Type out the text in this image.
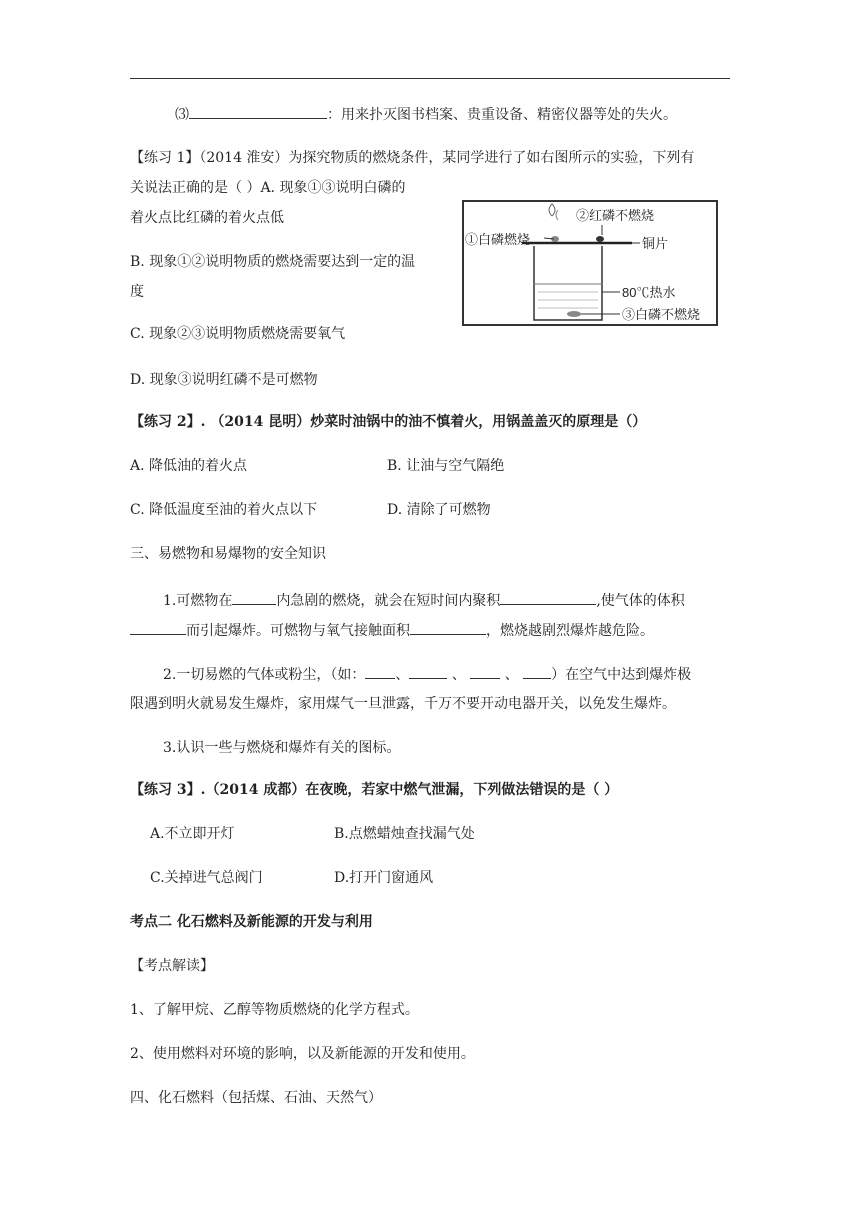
⑶	：用来扑灭图书档案、贵重设备、精密仪器等处的失火。
【练习 1】（2014 淮安）为探究物质的燃烧条件，某同学进行了如右图所示的实验，下列有
关说法正确的是（ ）A. 现象①③说明白磷的
着火点比红磷的着火点低
B. 现象①②说明物质的燃烧需要达到一定的温
度
C. 现象②③说明物质燃烧需要氧气
D. 现象③说明红磷不是可燃物
②红磷不燃烧
①白磷燃烧	铜片
80℃热水
③白磷不燃烧
【练习 2】. （2014 昆明）炒菜时油锅中的油不慎着火，用锅盖盖灭的原理是（）
A. 降低油的着火点	B. 让油与空气隔绝
C. 降低温度至油的着火点以下	D. 清除了可燃物
三、易燃物和易爆物的安全知识
1.可燃物在	内急剧的燃烧，就会在短时间内聚积	,使气体的体积
而引起爆炸。可燃物与氧气接触面积	，燃烧越剧烈爆炸越危险。
2.一切易燃的气体或粉尘，（如： 、	、	、 ）在空气中达到爆炸极
限遇到明火就易发生爆炸，家用煤气一旦泄露，千万不要开动电器开关，以免发生爆炸。
3.认识一些与燃烧和爆炸有关的图标。
【练习 3】.（2014 成都）在夜晚，若家中燃气泄漏，下列做法错误的是（ ）
A.不立即开灯	B.点燃蜡烛查找漏气处
C.关掉进气总阀门	D.打开门窗通风
考点二 化石燃料及新能源的开发与利用
【考点解读】
1、了解甲烷、乙醇等物质燃烧的化学方程式。
2、使用燃料对环境的影响，以及新能源的开发和使用。
四、化石燃料（包括煤、石油、天然气）
